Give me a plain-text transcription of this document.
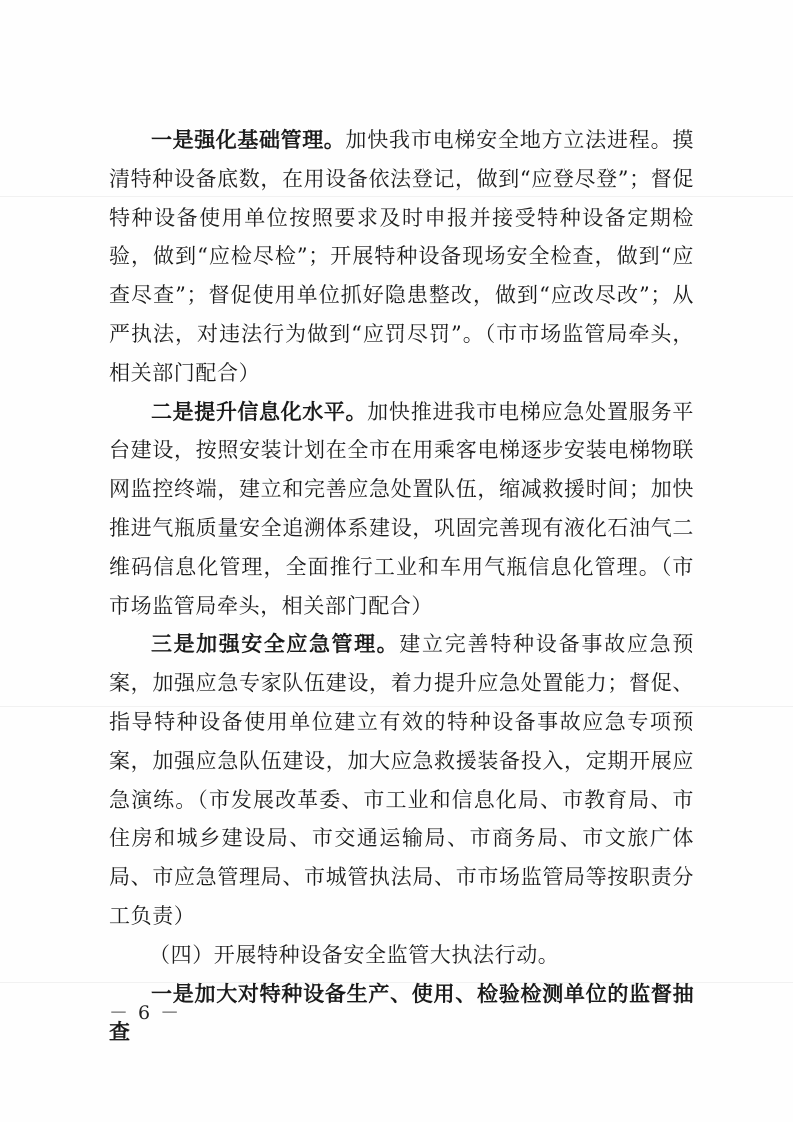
一是强化基础管理。加快我市电梯安全地方立法进程。摸清特种设备底数，在用设备依法登记，做到“应登尽登”；督促特种设备使用单位按照要求及时申报并接受特种设备定期检验，做到“应检尽检”；开展特种设备现场安全检查，做到“应查尽查”；督促使用单位抓好隐患整改，做到“应改尽改”；从严执法，对违法行为做到“应罚尽罚”。（市市场监管局牵头，相关部门配合）

二是提升信息化水平。加快推进我市电梯应急处置服务平台建设，按照安装计划在全市在用乘客电梯逐步安装电梯物联网监控终端，建立和完善应急处置队伍，缩减救援时间；加快推进气瓶质量安全追溯体系建设，巩固完善现有液化石油气二维码信息化管理，全面推行工业和车用气瓶信息化管理。（市市场监管局牵头，相关部门配合）

三是加强安全应急管理。建立完善特种设备事故应急预案，加强应急专家队伍建设，着力提升应急处置能力；督促、指导特种设备使用单位建立有效的特种设备事故应急专项预案，加强应急队伍建设，加大应急救援装备投入，定期开展应急演练。（市发展改革委、市工业和信息化局、市教育局、市住房和城乡建设局、市交通运输局、市商务局、市文旅广体局、市应急管理局、市城管执法局、市市场监管局等按职责分工负责）

（四）开展特种设备安全监管大执法行动。

一是加大对特种设备生产、使用、检验检测单位的监督抽查

－ 6 －
